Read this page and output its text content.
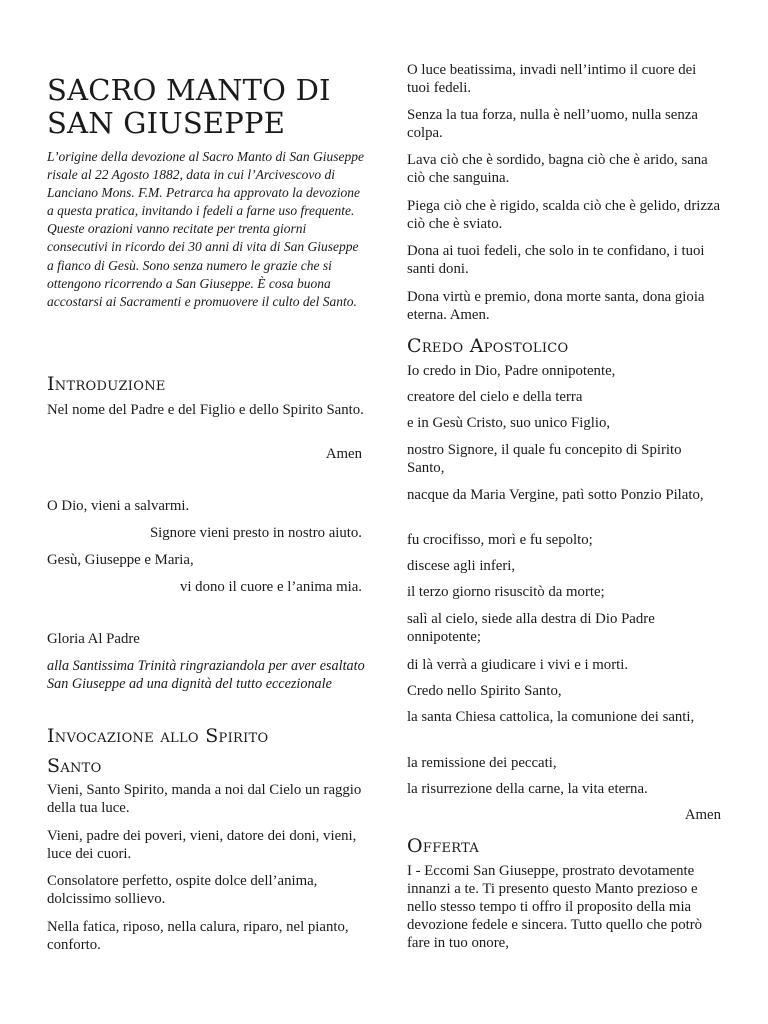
SACRO MANTO DI SAN GIUSEPPE

L’origine della devozione al Sacro Manto di San Giuseppe risale al 22 Agosto 1882, data in cui l’Arcivescovo di Lanciano Mons. F.M. Petrarca ha approvato la devozione a questa pratica, invitando i fedeli a farne uso frequente. Queste orazioni vanno recitate per trenta giorni consecutivi in ricordo dei 30 anni di vita di San Giuseppe a fianco di Gesù. Sono senza numero le grazie che si ottengono ricorrendo a San Giuseppe. È cosa buona accostarsi ai Sacramenti e promuovere il culto del Santo.

Introduzione

Nel nome del Padre e del Figlio e dello Spirito Santo.

Amen

O Dio, vieni a salvarmi.

Signore vieni presto in nostro aiuto.

Gesù, Giuseppe e Maria,

vi dono il cuore e l’anima mia.

Gloria Al Padre

alla Santissima Trinità ringraziandola per aver esaltato San Giuseppe ad una dignità del tutto eccezionale

Invocazione allo Spirito
Santo

Vieni, Santo Spirito, manda a noi dal Cielo un raggio della tua luce.

Vieni, padre dei poveri, vieni, datore dei doni, vieni, luce dei cuori.

Consolatore perfetto, ospite dolce dell’anima, dolcissimo sollievo.

Nella fatica, riposo, nella calura, riparo, nel pianto, conforto.

O luce beatissima, invadi nell’intimo il cuore dei tuoi fedeli.

Senza la tua forza, nulla è nell’uomo, nulla senza colpa.

Lava ciò che è sordido, bagna ciò che è arido, sana ciò che sanguina.

Piega ciò che è rigido, scalda ciò che è gelido, drizza ciò che è sviato.

Dona ai tuoi fedeli, che solo in te confidano, i tuoi santi doni.

Dona virtù e premio, dona morte santa, dona gioia eterna. Amen.

Credo Apostolico

Io credo in Dio, Padre onnipotente,

creatore del cielo e della terra

e in Gesù Cristo, suo unico Figlio,

nostro Signore, il quale fu concepito di Spirito Santo,

nacque da Maria Vergine, patì sotto Ponzio Pilato,

fu crocifisso, morì e fu sepolto;

discese agli inferi,

il terzo giorno risuscitò da morte;

salì al cielo, siede alla destra di Dio Padre onnipotente;

di là verrà a giudicare i vivi e i morti.

Credo nello Spirito Santo,

la santa Chiesa cattolica, la comunione dei santi,

la remissione dei peccati,

la risurrezione della carne, la vita eterna.

Amen

Offerta

I - Eccomi San Giuseppe, prostrato devotamente innanzi a te. Ti presento questo Manto prezioso e nello stesso tempo ti offro il proposito della mia devozione fedele e sincera. Tutto quello che potrò fare in tuo onore,
